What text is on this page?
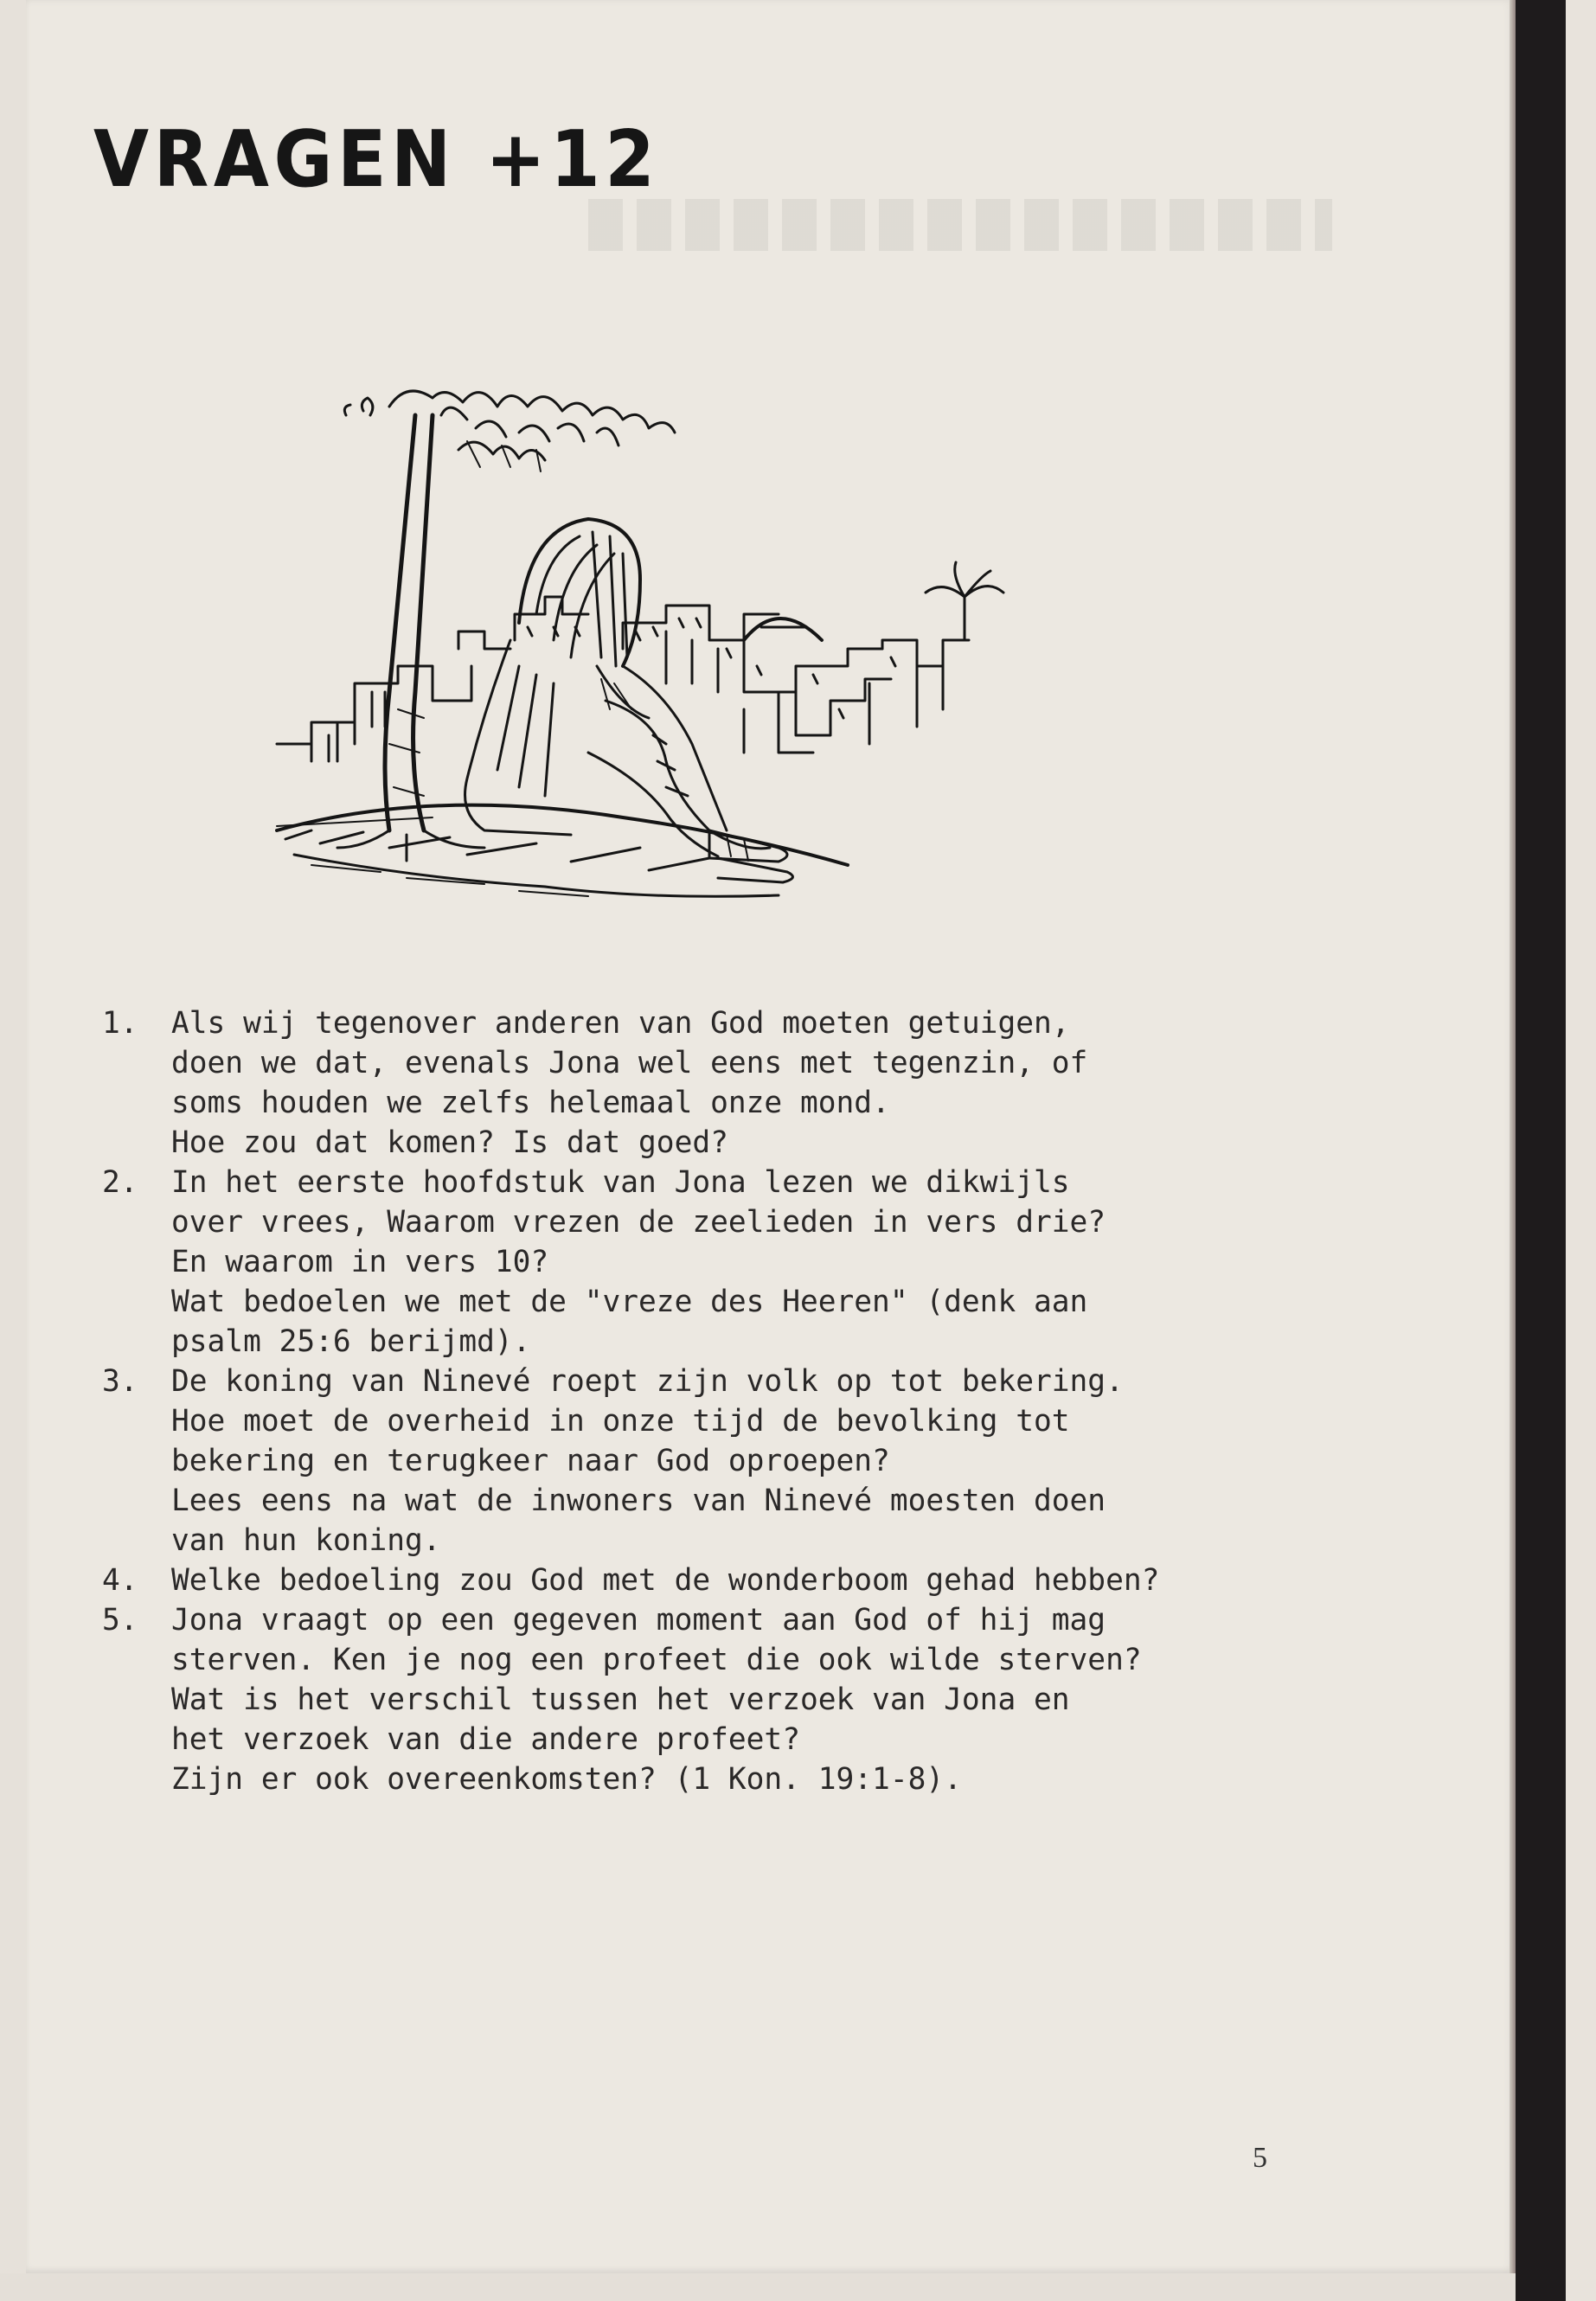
VRAGEN +12
1. Als wij tegenover anderen van God moeten getuigen,
doen we dat, evenals Jona wel eens met tegenzin, of
soms houden we zelfs helemaal onze mond.
Hoe zou dat komen? Is dat goed?
2. In het eerste hoofdstuk van Jona lezen we dikwijls
over vrees, Waarom vrezen de zeelieden in vers drie?
En waarom in vers 10?
Wat bedoelen we met de "vreze des Heeren" (denk aan
psalm 25:6 berijmd).
3. De koning van Ninevé roept zijn volk op tot bekering.
Hoe moet de overheid in onze tijd de bevolking tot
bekering en terugkeer naar God oproepen?
Lees eens na wat de inwoners van Ninevé moesten doen
van hun koning.
4. Welke bedoeling zou God met de wonderboom gehad hebben?
5. Jona vraagt op een gegeven moment aan God of hij mag
sterven. Ken je nog een profeet die ook wilde sterven?
Wat is het verschil tussen het verzoek van Jona en
het verzoek van die andere profeet?
Zijn er ook overeenkomsten? (1 Kon. 19:1-8).
5
